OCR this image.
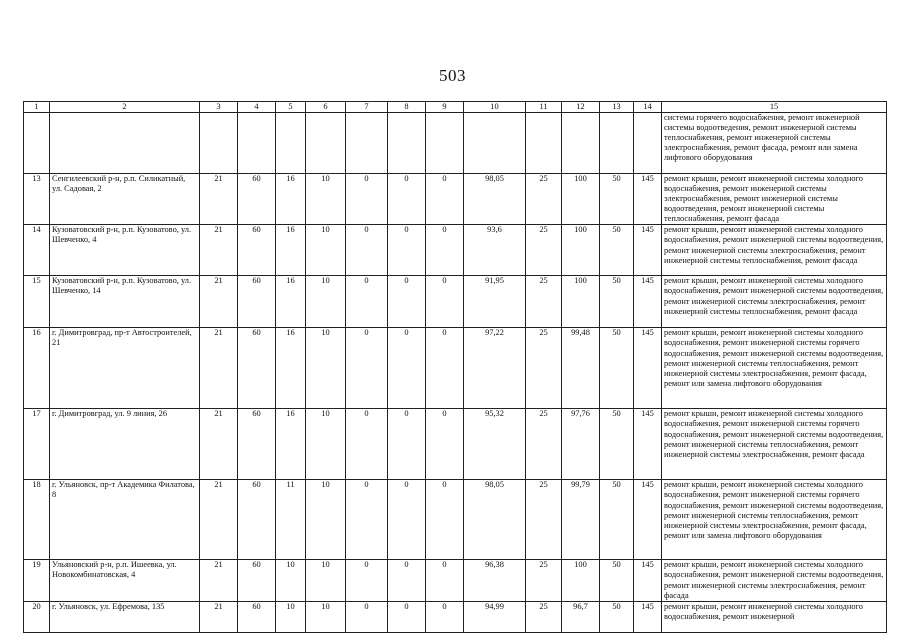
503
1	2	3	4	5	6	7	8	9	10	11	12	13	14	15
														системы горячего водоснабжения, ремонт инженерной системы водоотведения, ремонт инженерной системы теплоснабжения, ремонт инженерной системы электроснабжения, ремонт фасада, ремонт или замена лифтового оборудования
13	Сенгилеевский р-н, р.п. Силикатный, ул. Садовая, 2	21	60	16	10	0	0	0	98,05	25	100	50	145	ремонт крыши, ремонт инженерной системы холодного водоснабжения, ремонт инженерной системы электроснабжения, ремонт инженерной системы водоотведения, ремонт инженерной системы теплоснабжения, ремонт фасада
14	Кузоватовский р-н, р.п. Кузоватово, ул. Шевченко, 4	21	60	16	10	0	0	0	93,6	25	100	50	145	ремонт крыши, ремонт инженерной системы холодного водоснабжения, ремонт инженерной системы водоотведения, ремонт инженерной системы электроснабжения, ремонт инженерной системы теплоснабжения, ремонт фасада
15	Кузоватовский р-н, р.п. Кузоватово, ул. Шевченко, 14	21	60	16	10	0	0	0	91,95	25	100	50	145	ремонт крыши, ремонт инженерной системы холодного водоснабжения, ремонт инженерной системы водоотведения, ремонт инженерной системы электроснабжения, ремонт инженерной системы теплоснабжения, ремонт фасада
16	г. Димитровград, пр-т Автостроителей, 21	21	60	16	10	0	0	0	97,22	25	99,48	50	145	ремонт крыши, ремонт инженерной системы холодного водоснабжения, ремонт инженерной системы горячего водоснабжения, ремонт инженерной системы водоотведения, ремонт инженерной системы теплоснабжения, ремонт инженерной системы электроснабжения, ремонт фасада, ремонт или замена лифтового оборудования
17	г. Димитровград, ул. 9 линия, 26	21	60	16	10	0	0	0	95,32	25	97,76	50	145	ремонт крыши, ремонт инженерной системы холодного водоснабжения, ремонт инженерной системы горячего водоснабжения, ремонт инженерной системы водоотведения, ремонт инженерной системы теплоснабжения, ремонт инженерной системы электроснабжения, ремонт фасада
18	г. Ульяновск, пр-т Академика Филатова, 8	21	60	11	10	0	0	0	98,05	25	99,79	50	145	ремонт крыши, ремонт инженерной системы холодного водоснабжения, ремонт инженерной системы горячего водоснабжения, ремонт инженерной системы водоотведения, ремонт инженерной системы теплоснабжения, ремонт инженерной системы электроснабжения, ремонт фасада, ремонт или замена лифтового оборудования
19	Ульяновский р-н, р.п. Ишеевка, ул. Новокомбинатовская, 4	21	60	10	10	0	0	0	96,38	25	100	50	145	ремонт крыши, ремонт инженерной системы холодного водоснабжения, ремонт инженерной системы водоотведения, ремонт инженерной системы электроснабжения, ремонт фасада
20	г. Ульяновск, ул. Ефремова, 135	21	60	10	10	0	0	0	94,99	25	96,7	50	145	ремонт крыши, ремонт инженерной системы холодного водоснабжения, ремонт инженерной
